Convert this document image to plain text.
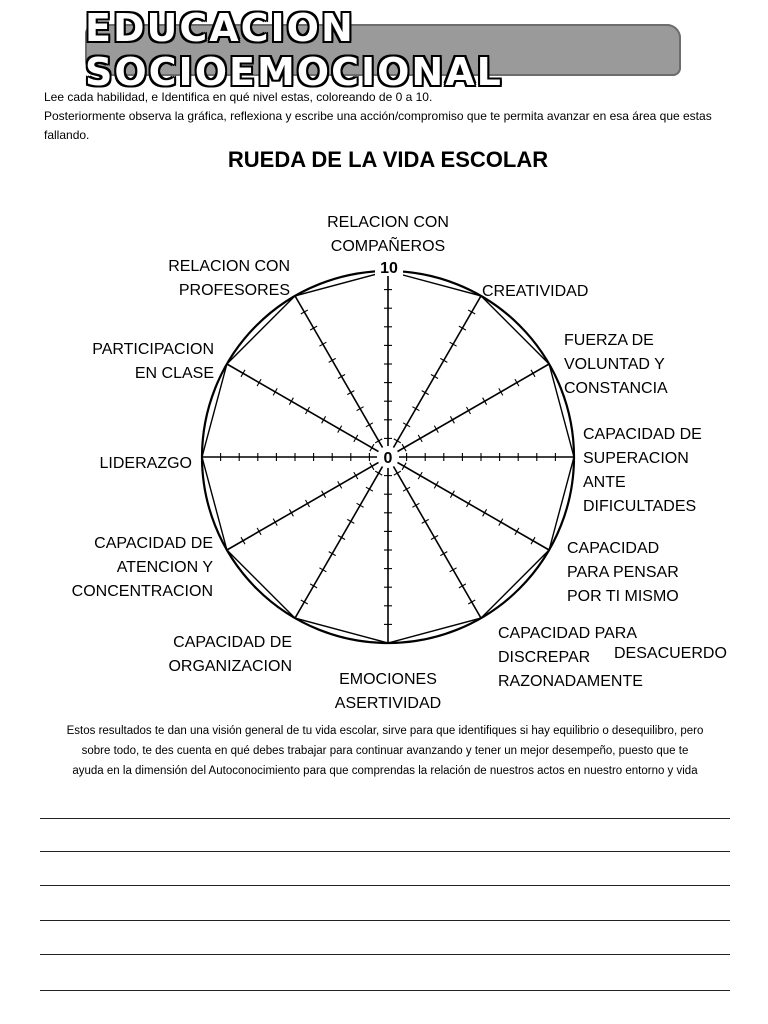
EDUCACION SOCIOEMOCIONAL

Lee cada habilidad, e Identifica en qué nivel estas, coloreando de 0 a 10.

Posteriormente observa la gráfica, reflexiona y escribe una acción/compromiso que te permita avanzar en esa área que estas fallando.

RUEDA DE LA VIDA ESCOLAR
0
10
RELACION CON
COMPAÑEROS
CREATIVIDAD
FUERZA DE
VOLUNTAD Y
CONSTANCIA
CAPACIDAD DE
SUPERACION
ANTE
DIFICULTADES
CAPACIDAD
PARA PENSAR
POR TI MISMO
CAPACIDAD PARA
DISCREPAR
RAZONADAMENTE
DESACUERDO
EMOCIONES
ASERTIVIDAD
CAPACIDAD DE
ORGANIZACION
CAPACIDAD DE
ATENCION Y
CONCENTRACION
LIDERAZGO
PARTICIPACION
EN CLASE
RELACION CON
PROFESORES
Estos resultados te dan una visión general de tu vida escolar, sirve para que identifiques si hay equilibrio o desequilibro, pero
sobre todo, te des cuenta en qué debes trabajar para continuar avanzando y tener un mejor desempeño, puesto que te
ayuda en la dimensión del Autoconocimiento para que comprendas la relación de nuestros actos en nuestro entorno y vida
